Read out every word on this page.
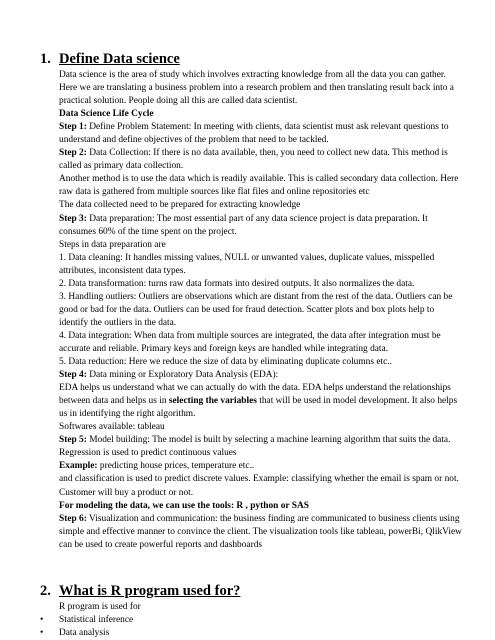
1. Define Data science

Data science is the area of study which involves extracting knowledge from all the data you can gather. Here we are translating a business problem into a research problem and then translating result back into a practical solution. People doing all this are called data scientist.

Data Science Life Cycle

Step 1: Define Problem Statement: In meeting with clients, data scientist must ask relevant questions to understand and define objectives of the problem that need to be tackled.

Step 2: Data Collection: If there is no data available, then, you need to collect new data. This method is called as primary data collection.

Another method is to use the data which is readily available. This is called secondary data collection. Here raw data is gathered from multiple sources like flat files and online repositories etc

The data collected need to be prepared for extracting knowledge

Step 3: Data preparation: The most essential part of any data science project is data preparation. It consumes 60% of the time spent on the project.

Steps in data preparation are

1. Data cleaning: It handles missing values, NULL or unwanted values, duplicate values, misspelled attributes, inconsistent data types.

2. Data transformation: turns raw data formats into desired outputs. It also normalizes the data.

3. Handling outliers: Outliers are observations which are distant from the rest of the data. Outliers can be good or bad for the data. Outliers can be used for fraud detection. Scatter plots and box plots help to identify the outliers in the data.

4. Data integration: When data from multiple sources are integrated, the data after integration must be accurate and reliable. Primary keys and foreign keys are handled while integrating data.

5. Data reduction: Here we reduce the size of data by eliminating duplicate columns etc..

Step 4: Data mining or Exploratory Data Analysis (EDA):

EDA helps us understand what we can actually do with the data. EDA helps understand the relationships between data and helps us in selecting the variables that will be used in model development. It also helps us in identifying the right algorithm.

Softwares available: tableau

Step 5: Model building: The model is built by selecting a machine learning algorithm that suits the data. Regression is used to predict continuous values

Example: predicting house prices, temperature etc..

and classification is used to predict discrete values. Example: classifying whether the email is spam or not. Customer will buy a product or not.

For modeling the data, we can use the tools: R , python or SAS

Step 6: Visualization and communication: the business finding are communicated to business clients using simple and effective manner to convince the client. The visualization tools like tableau, powerBi, QlikView can be used to create powerful reports and dashboards

2. What is R program used for?

R program is used for

• Statistical inference
• Data analysis
